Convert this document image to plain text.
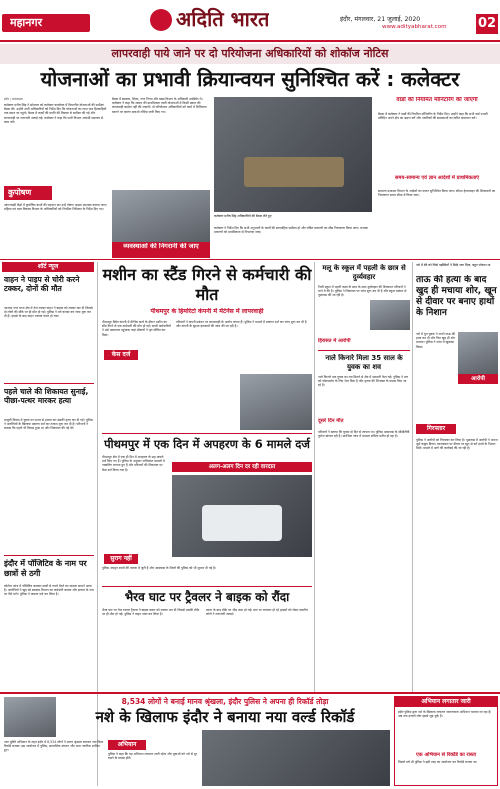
महानगर	अदिति भारत	इंदौर, मंगलवार, 21 जुलाई, 2020
www.adityabharat.com	02
लापरवाही पाये जाने पर दो परियोजना अधिकारियों को शोकॉज नोटिस
योजनाओं का प्रभावी क्रियान्वयन सुनिश्चित करें : कलेक्टर
इंदौर | संवाददाता
कलेक्टर मनीष सिंह ने सोमवार को कलेक्टर कार्यालय में विभागीय योजनाओं की समीक्षा बैठक ली। उन्होंने सभी अधिकारियों को निर्देश दिए कि योजनाओं का लाभ पात्र हितग्राहियों तक समय पर पहुंचे। बैठक में कार्यों की प्रगति की विस्तार से समीक्षा की गई और लापरवाही पर नाराजगी जताई गई। कलेक्टर ने कहा कि सभी विभाग आपसी समन्वय से काम करें।
कुपोषण
आंगनवाड़ी केंद्रों में कुपोषित बच्चों की पहचान कर उन्हें पोषण आहार उपलब्ध कराया जाए। महिला एवं बाल विकास विभाग के अधिकारियों को नियमित निरीक्षण के निर्देश दिए गए।
बैठक में स्वास्थ्य, शिक्षा, नगर निगम और खाद्य विभाग के अधिकारी उपस्थित थे। कलेक्टर ने कहा कि शासन की प्राथमिकता वाली योजनाओं में किसी प्रकार की लापरवाही बर्दाश्त नहीं की जाएगी। दो परियोजना अधिकारियों को कार्य में शिथिलता बरतने पर कारण बताओ नोटिस जारी किए गए।
व्यवस्थाओं की निगरानी की जाए
कलेक्टर मनीष सिंह अधिकारियों की बैठक लेते हुए
कलेक्टर ने निर्देश दिए कि सभी अनुभागों के कार्यों की साप्ताहिक समीक्षा हो और लंबित प्रकरणों का शीघ्र निराकरण किया जाए। राजस्व प्रकरणों को प्राथमिकता से निपटाया जाए।
वार्डों की नियमित मॉनिटरिंग की जाएगी
बैठक में कलेक्टर ने वार्डों की नियमित मॉनिटरिंग के निर्देश दिए। उन्होंने कहा कि सभी वार्ड प्रभारी प्रतिदिन अपने क्षेत्र का भ्रमण करें और नागरिकों की समस्याओं का त्वरित समाधान करें।
समय-सामान्य एवं ज्ञान आदेशों में प्राथमिकताएं
सामान्य प्रशासन विभाग के आदेशों का पालन सुनिश्चित किया जाए। सीएम हेल्पलाइन की शिकायतों का निराकरण समय सीमा में किया जाए।
शॉर्ट न्यूज
वाहन ने पाइप से चोरी करने टक्कर, दोनों की मौत
आजाद नगर थाना क्षेत्र में तेज रफ्तार वाहन ने बाइक को टक्कर मार दी जिससे दो लोगों की मौके पर ही मौत हो गई। पुलिस ने मर्ग कायम कर जांच शुरू कर दी है। हादसे के बाद वाहन चालक फरार हो गया।
पहले चाले की शिकायत सुनाई, पीछा-पत्थर मारकर हत्या
मामूली विवाद में युवक पर पत्थर से हमला कर उसकी हत्या कर दी गई। पुलिस ने आरोपियों के खिलाफ प्रकरण दर्ज कर तलाश शुरू कर दी है। परिजनों ने बताया कि पहले भी विवाद हुआ था और शिकायत की गई थी।
इंदौर में पॉजिटिव के नाम पर छात्रों से ठगी
कोरोना जांच में पॉजिटिव बताकर छात्रों से रुपये ऐंठने का मामला सामने आया है। आरोपियों ने खुद को स्वास्थ्य विभाग का कर्मचारी बताया और इलाज के नाम पर पैसे मांगे। पुलिस ने मामला दर्ज कर लिया है।
मशीन का स्टैंड गिरने से कर्मचारी की मौत
पीथमपुर के हिमोरेटो कंपनी में मेंटेनेंस में लापरवाही
पीथमपुर स्थित कंपनी में मेंटेनेंस कार्य के दौरान मशीन का स्टैंड गिरने से एक कर्मचारी की मौत हो गई। साथी कर्मचारियों ने उसे अस्पताल पहुंचाया जहां डॉक्टरों ने मृत घोषित कर दिया।
केस दर्ज
परिजनों ने कंपनी प्रबंधन पर लापरवाही के आरोप लगाए हैं। पुलिस ने मामले में प्रकरण दर्ज कर जांच शुरू कर दी है और कंपनी के सुरक्षा इंतजामों की जांच की जा रही है।
पीथमपुर में एक दिन में अपहरण के 6 मामले दर्ज
पीथमपुर क्षेत्र में एक ही दिन में अपहरण के छह मामले दर्ज किए गए हैं। पुलिस के अनुसार अधिकांश मामलों में नाबालिग लापता हुए हैं और परिजनों की शिकायत पर केस दर्ज किया गया है।
सुराग नहीं
अलग-अलग दिन दर रही वारदात
पुलिस अपहृत बच्चों की तलाश में जुटी है और आसपास के जिलों की पुलिस को भी सूचना दी गई है।
भैरव घाट पर ट्रैवलर ने बाइक को रौंदा
भैरव घाट पर तेज रफ्तार ट्रैवलर ने बाइक सवार को टक्कर मार दी जिससे उसकी मौके पर ही मौत हो गई। पुलिस ने वाहन जब्त कर लिया है।
घटना के बाद मौके पर भीड़ जमा हो गई। घाट पर लगातार हो रहे हादसों को लेकर स्थानीय लोगों ने नाराजगी जताई।
मलू के स्कूल में पहली के छात्र से दुर्व्यवहार
निजी स्कूल में पहली कक्षा के छात्र के साथ दुर्व्यवहार की शिकायत परिजनों ने थाने में की है। पुलिस ने शिकायत पर जांच शुरू कर दी है और स्कूल प्रबंधन से पूछताछ की जा रही है।
हिरासत में आरोपी
नाले किनारे मिला 35 साल के युवक का शव
नाले किनारे एक युवक का शव मिलने से क्षेत्र में सनसनी फैल गई। पुलिस ने शव को पोस्टमार्टम के लिए भेज दिया है और मृतक की शिनाख्त के प्रयास किए जा रहे हैं।
दूसरे दिन मौत
परिजनों ने बताया कि युवक दो दिन से लापता था। पुलिस आसपास के सीसीटीवी फुटेज खंगाल रही है। प्रारंभिक जांच में मामला संदिग्ध प्रतीत हो रहा है।
नशे में बेटे को जिसे पड़ोसियों ने सिर्फ़ भगा दिया, बहुत परेशान था
ताऊ की हत्या के बाद खुद ही मचाया शोर, खून से दीवार पर बनाए हाथों के निशान
नशे में धुत युवक ने अपने ताऊ की हत्या कर दी और फिर खुद ही शोर मचाया। पुलिस ने जांच में खुलासा किया।
आरोपी
गिरफ्तार
पुलिस ने आरोपी को गिरफ्तार कर लिया है। पूछताछ में आरोपी ने अपना जुर्म कबूल किया। घटनास्थल पर दीवार पर खून से बने हाथों के निशान मिले। मामले में आगे की कार्रवाई की जा रही है।
8,534 लोगों ने बनाई मानव श्रृंखला, इंदौर पुलिस ने अपना ही रिकॉर्ड तोड़ा
नशे के खिलाफ इंदौर ने बनाया नया वर्ल्ड रिकॉर्ड
नशा मुक्ति अभियान के तहत इंदौर में 8,534 लोगों ने मानव श्रृंखला बनाकर नया विश्व रिकॉर्ड बनाया। इस आयोजन में पुलिस, सामाजिक संगठन और आम नागरिक शामिल हुए।
अभियान
पुलिस ने कहा कि यह अभियान लगातार जारी रहेगा और युवाओं को नशे से दूर रखने के प्रयास होंगे।
अभियान लगातार जारी
इंदौर पुलिस द्वारा नशे के खिलाफ लगातार जागरूकता अभियान चलाया जा रहा है। अब तक हजारों लोग इससे जुड़ चुके हैं।
एक अभियान से रिकॉर्ड का रास्ता
पिछले वर्ष भी पुलिस ने इसी तरह का आयोजन कर रिकॉर्ड बनाया था।
